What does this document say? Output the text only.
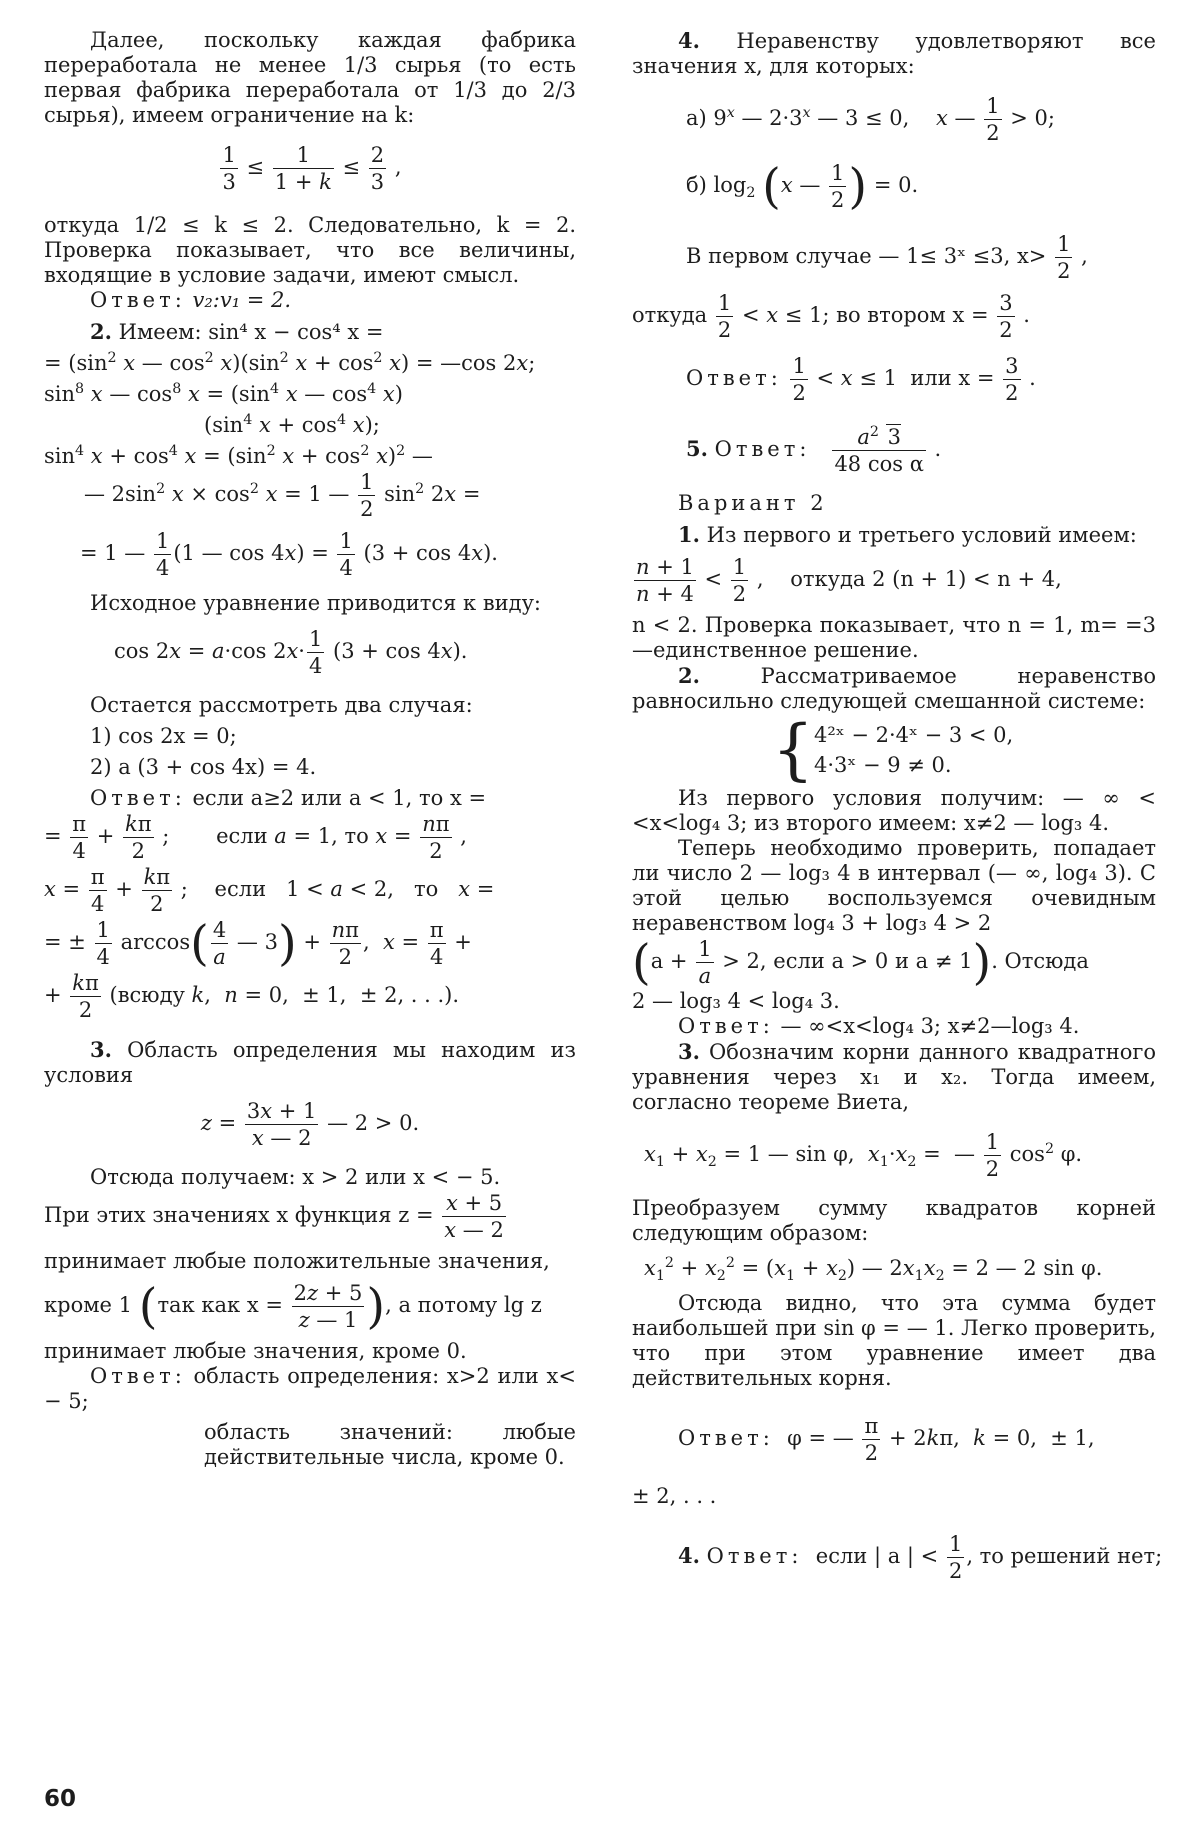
Далее, поскольку каждая фабрика переработала не менее 1/3 сырья (то есть первая фабрика переработала от 1/3 до 2/3 сырья), имеем ограничение на k:

$\frac{1}{3} \le \frac{1}{1 + k} \le \frac{2}{3}$ ,

откуда 1/2 ≤ k ≤ 2. Следовательно, k = 2. Проверка показывает, что все величины, входящие в условие задачи, имеют смысл.

Ответ: v₂:v₁ = 2.

2. Имеем: sin⁴ x − cos⁴ x =

= ($\sin^2$ x — $\cos^2 x)(\sin^2$ $x + \cos^2 x$) = —cos 2x;

$\sin^8 x$ — $\cos^8 x = (\sin^4$ x — $\cos^4 x$)

($\sin^4$ $x + \cos^4 x$);

$\sin^4 x + \cos^4 x = (\sin^2$ $x + \cos^2 x)^2$ —

— $2\sin^2$ $x \times \cos^2 x = 1$ — $\frac{1}{2} \sin^2 2x$ =

= 1 — $\frac{1}{4} (1$ — $\cos 4x) = \frac{1}{4} (3 + \cos 4x)$.

Исходное уравнение приводится к виду:

cos 2x = a·cos $2x\cdot \frac{1}{4} (3 + \cos 4x)$.

Остается рассмотреть два случая:

1) cos 2x = 0;

2) a (3 + cos 4x) = 4.

Ответ: если a≥2 или a < 1, то x =

= $\frac{\pi}{4} + \frac{k\pi}{2}$ ;       если a = 1, то $x = \frac{n\pi}{2}$ ,

$x = \frac{\pi}{4} + \frac{k\pi}{2}$ ;    если   1 < a < 2,   то   x =

= ± $\frac{1}{4} \arccos( \frac{4}{a}$ — $3) + \frac{n\pi}{2}$ ,  $x = \frac{\pi}{4}$ +

+ $\frac{k\pi}{2}$ (всюду k,  n = 0,  ± 1,  ± 2, . . .).

3. Область определения мы находим из условия

$z = \frac{3x + 1}{x — 2}$ — 2 > 0.

Отсюда получаем: x > 2 или x < − 5.

При этих значениях x функция $z = \frac{x + 5}{x — 2}$

принимает любые положительные значения,

кроме 1 (так как $x = \frac{2z + 5}{z — 1}$ ), а потому lg z

принимает любые значения, кроме 0.

Ответ: область определения: x>2 или x< − 5;

область значений: любые действительные числа, кроме 0.

4. Неравенству удовлетворяют все значения x, для которых:

а) 9$^x$ — $2\cdot 3^x$ — 3 ≤ 0,    x — $\frac{1}{2} > 0$;

б) $\log_2 (x$ — $\frac{1}{2}$ ) = 0.

В первом случае — 1≤ 3ˣ ≤3, $x> \frac{1}{2}$ ,

откуда $\frac{1}{2} < x \le 1$; во втором $x = \frac{3}{2}$ .

Ответ: $\frac{1}{2} < x \le 1$  или $x = \frac{3}{2}$ .

5. Ответ: $\frac{a^2 3}{\text{48 cos α}}$ .

Вариант 2

1. Из первого и третьего условий имеем:

$\frac{n + 1}{n + 4} < \frac{1}{2}$ ,    откуда 2 (n + 1) < n + 4,

n < 2. Проверка показывает, что n = 1, m= =3—единственное решение.

2.	Рассматриваемое неравенство равносильно следующей смешанной системе:

{4²ˣ − 2·4ˣ − 3 < 0,
4·3ˣ − 9 ≠ 0.

Из первого условия получим: — ∞ < <x<log₄ 3; из второго имеем: x≠2 — log₃ 4.

Теперь необходимо проверить, попадает ли число 2 — log₃ 4 в интервал (— ∞, log₄ 3). С этой целью воспользуемся очевидным неравенством log₄ 3 + log₃ 4 > 2

($a + \frac{1}{a} > 2$, если a > 0 и a ≠ 1). Отсюда

2 — log₃ 4 < log₄ 3.

Ответ: — ∞<x<log₄ 3; x≠2—log₃ 4.

3. Обозначим корни данного квадратного уравнения через x₁ и x₂. Тогда имеем, согласно теореме Виета,

$x_1 + x_2 = 1$ — sin φ,  $x_1\cdot x_2$ =  — $\frac{1}{2} \cos^2 \varphi$.

Преобразуем сумму квадратов корней следующим образом:

$x_1^2 + x_2^2 = (x_1 + x_2)$ — $2x_1x_2 = 2$ — 2 sin φ.

Отсюда видно, что эта сумма будет наибольшей при sin φ = — 1. Легко проверить, что при этом уравнение имеет два действительных корня.

Ответ:  φ = — $\frac{\pi}{2} + 2k\pi$,  k = 0,  ± 1,

± 2, . . .

4. Ответ: если | a | < $\frac{1}{2}$ , то решений нет;

60
